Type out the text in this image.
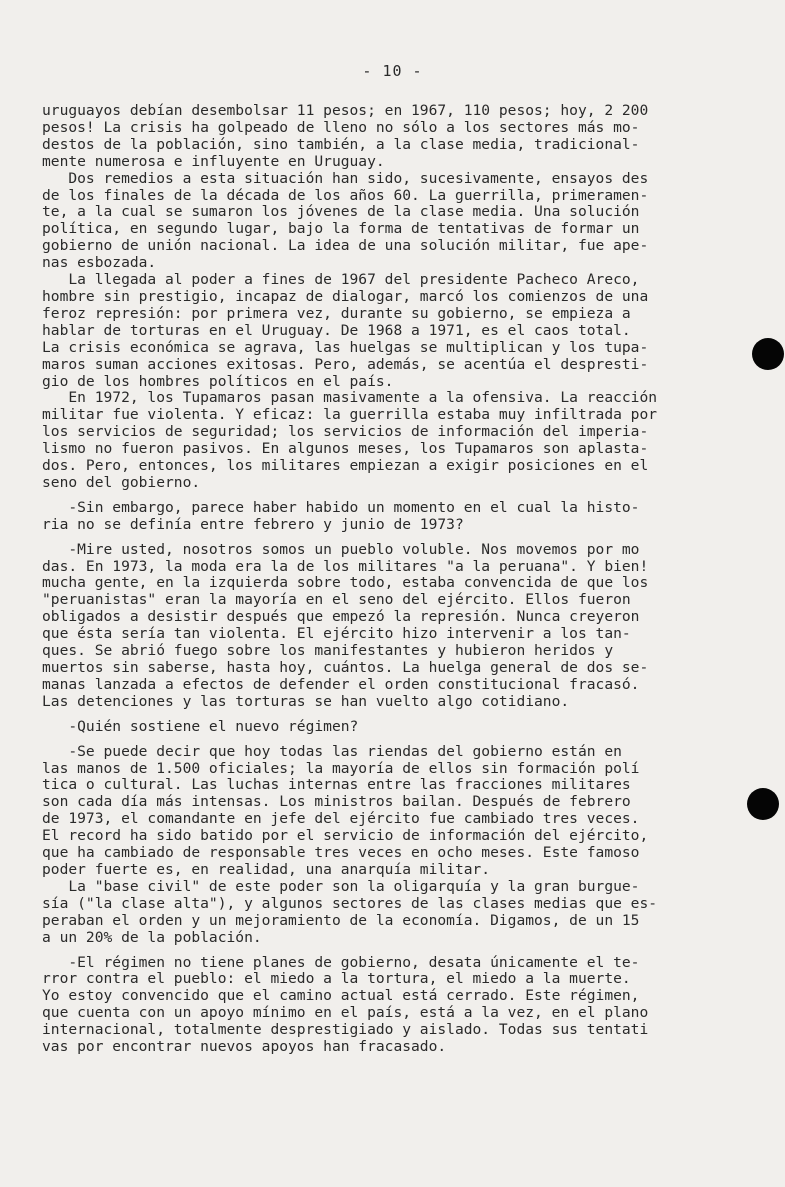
- 10 -
uruguayos debían desembolsar 11 pesos; en 1967, 110 pesos; hoy, 2 200
pesos! La crisis ha golpeado de lleno no sólo a los sectores más mo-
destos de la población, sino también, a la clase media, tradicional-
mente numerosa e influyente en Uruguay.
Dos remedios a esta situación han sido, sucesivamente, ensayos des
de los finales de la década de los años 60. La guerrilla, primeramen-
te, a la cual se sumaron los jóvenes de la clase media. Una solución
política, en segundo lugar, bajo la forma de tentativas de formar un
gobierno de unión nacional. La idea de una solución militar, fue ape-
nas esbozada.
La llegada al poder a fines de 1967 del presidente Pacheco Areco,
hombre sin prestigio, incapaz de dialogar, marcó los comienzos de una
feroz represión: por primera vez, durante su gobierno, se empieza a
hablar de torturas en el Uruguay. De 1968 a 1971, es el caos total.
La crisis económica se agrava, las huelgas se multiplican y los tupa-
maros suman acciones exitosas. Pero, además, se acentúa el despresti-
gio de los hombres políticos en el país.
En 1972, los Tupamaros pasan masivamente a la ofensiva. La reacción
militar fue violenta. Y eficaz: la guerrilla estaba muy infiltrada por
los servicios de seguridad; los servicios de información del imperia-
lismo no fueron pasivos. En algunos meses, los Tupamaros son aplasta-
dos. Pero, entonces, los militares empiezan a exigir posiciones en el
seno del gobierno.
-Sin embargo, parece haber habido un momento en el cual la histo-
ria no se definía entre febrero y junio de 1973?
-Mire usted, nosotros somos un pueblo voluble. Nos movemos por mo
das. En 1973, la moda era la de los militares "a la peruana". Y bien!
mucha gente, en la izquierda sobre todo, estaba convencida de que los
"peruanistas" eran la mayoría en el seno del ejército. Ellos fueron
obligados a desistir después que empezó la represión. Nunca creyeron
que ésta sería tan violenta. El ejército hizo intervenir a los tan-
ques. Se abrió fuego sobre los manifestantes y hubieron heridos y
muertos sin saberse, hasta hoy, cuántos. La huelga general de dos se-
manas lanzada a efectos de defender el orden constitucional fracasó.
Las detenciones y las torturas se han vuelto algo cotidiano.
-Quién sostiene el nuevo régimen?
-Se puede decir que hoy todas las riendas del gobierno están en
las manos de 1.500 oficiales; la mayoría de ellos sin formación polí
tica o cultural. Las luchas internas entre las fracciones militares
son cada día más intensas. Los ministros bailan. Después de febrero
de 1973, el comandante en jefe del ejército fue cambiado tres veces.
El record ha sido batido por el servicio de información del ejército,
que ha cambiado de responsable tres veces en ocho meses. Este famoso
poder fuerte es, en realidad, una anarquía militar.
La "base civil" de este poder son la oligarquía y la gran burgue-
sía ("la clase alta"), y algunos sectores de las clases medias que es-
peraban el orden y un mejoramiento de la economía. Digamos, de un 15
a un 20% de la población.
-El régimen no tiene planes de gobierno, desata únicamente el te-
rror contra el pueblo: el miedo a la tortura, el miedo a la muerte.
Yo estoy convencido que el camino actual está cerrado. Este régimen,
que cuenta con un apoyo mínimo en el país, está a la vez, en el plano
internacional, totalmente desprestigiado y aislado. Todas sus tentati
vas por encontrar nuevos apoyos han fracasado.
